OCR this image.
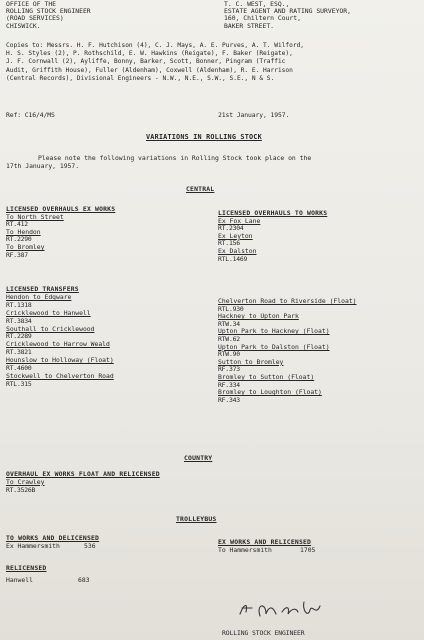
OFFICE OF THE
ROLLING STOCK ENGINEER
(ROAD SERVICES)
CHISWICK.
T. C. WEST, ESQ.,
ESTATE AGENT AND RATING SURVEYOR,
160, Chiltern Court,
BAKER STREET.
Copies to: Messrs. H. F. Hutchison (4), C. J. Mays, A. E. Purves, A. T. Wilford,
H. S. Styles (2), P. Rothschild, E. W. Hawkins (Reigate), F. Baker (Reigate),
J. F. Cornwall (2), Ayliffe, Bonny, Barker, Scott, Bonner, Pingram (Traffic
Audit, Griffith House), Fuller (Aldenham), Coxwell (Aldenham), R. E. Harrison
(Central Records), Divisional Engineers - N.W., N.E., S.W., S.E., N & S.
Ref: C16/4/MS	21st January, 1957.
VARIATIONS IN ROLLING STOCK
Please note the following variations in Rolling Stock took place on the
17th January, 1957.
CENTRAL
LICENSED OVERHAULS EX WORKS
To North Street
RT.412
To Hendon
RT.2290
To Bromley
RF.387
LICENSED OVERHAULS TO WORKS
Ex Fox Lane
RT.2304
Ex Leyton
RT.156
Ex Dalston
RTL.1469
LICENSED TRANSFERS
Hendon to Edgware
RT.1318
Cricklewood to Hanwell
RT.3834
Southall to Cricklewood
RT.2289
Cricklewood to Harrow Weald
RT.3821
Hounslow to Holloway (Float)
RT.4600
Stockwell to Chelverton Road
RTL.315
Chelverton Road to Riverside (Float)
RTL.930
Hackney to Upton Park
RTW.34
Upton Park to Hackney (Float)
RTW.62
Upton Park to Dalston (Float)
RTW.90
Sutton to Bromley
RF.373
Bromley to Sutton (Float)
RF.334
Bromley to Loughton (Float)
RF.343
COUNTRY
OVERHAUL EX WORKS FLOAT AND RELICENSED
To Crawley
RT.3526B
TROLLEYBUS
TO WORKS AND DELICENSED
Ex Hammersmith	536	EX WORKS AND RELICENSED
To Hammersmith	1705
RELICENSED
Hanwell	683
ROLLING STOCK ENGINEER
